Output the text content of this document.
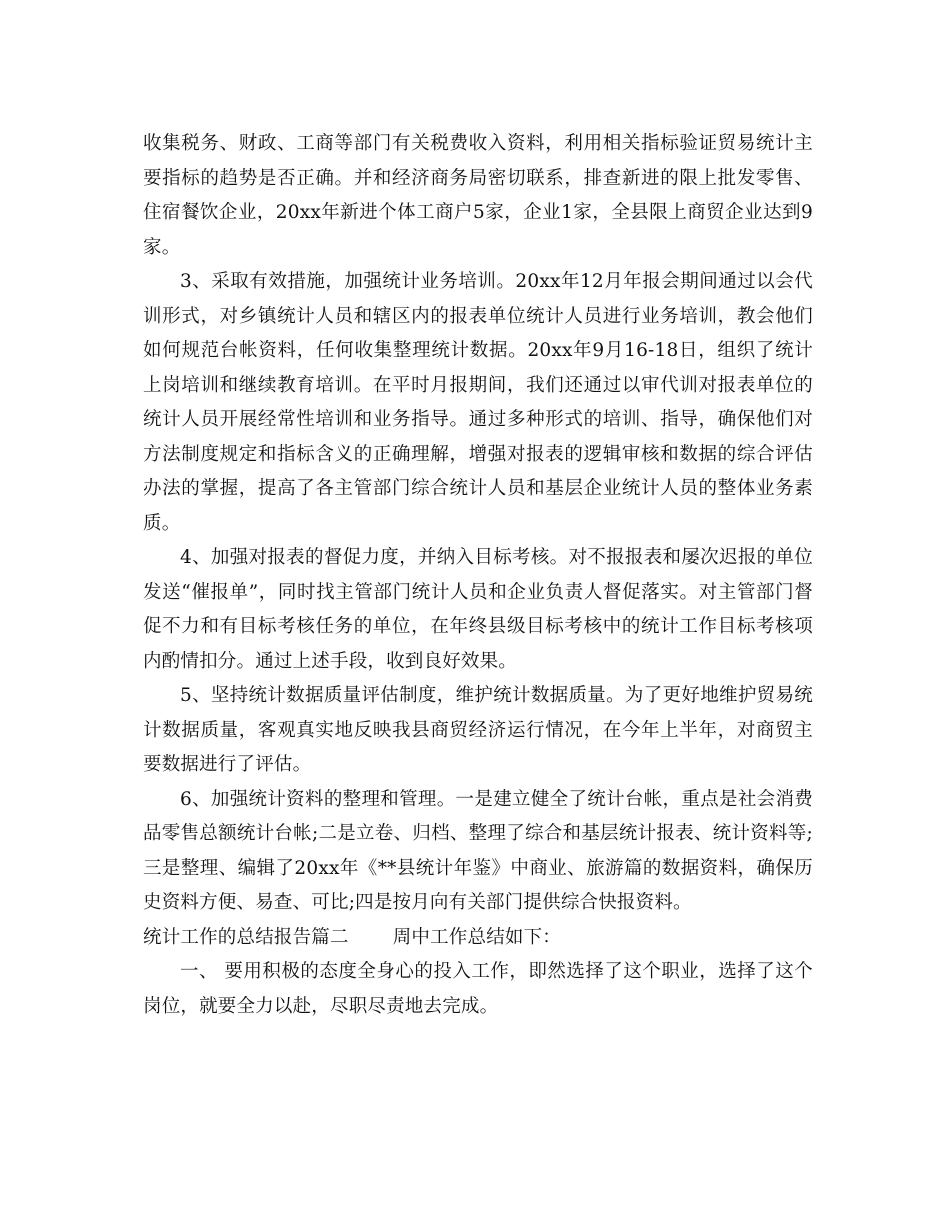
收集税务、财政、工商等部门有关税费收入资料，利用相关指标验证贸易统计主要指标的趋势是否正确。并和经济商务局密切联系，排查新进的限上批发零售、住宿餐饮企业，20xx年新进个体工商户5家，企业1家，全县限上商贸企业达到9家。

3、采取有效措施，加强统计业务培训。20xx年12月年报会期间通过以会代训形式，对乡镇统计人员和辖区内的报表单位统计人员进行业务培训，教会他们如何规范台帐资料，任何收集整理统计数据。20xx年9月16-18日，组织了统计上岗培训和继续教育培训。在平时月报期间，我们还通过以审代训对报表单位的统计人员开展经常性培训和业务指导。通过多种形式的培训、指导，确保他们对方法制度规定和指标含义的正确理解，增强对报表的逻辑审核和数据的综合评估办法的掌握，提高了各主管部门综合统计人员和基层企业统计人员的整体业务素质。

4、加强对报表的督促力度，并纳入目标考核。对不报报表和屡次迟报的单位发送“催报单”，同时找主管部门统计人员和企业负责人督促落实。对主管部门督促不力和有目标考核任务的单位，在年终县级目标考核中的统计工作目标考核项内酌情扣分。通过上述手段，收到良好效果。

5、坚持统计数据质量评估制度，维护统计数据质量。为了更好地维护贸易统计数据质量，客观真实地反映我县商贸经济运行情况，在今年上半年，对商贸主要数据进行了评估。

6、加强统计资料的整理和管理。一是建立健全了统计台帐，重点是社会消费品零售总额统计台帐;二是立卷、归档、整理了综合和基层统计报表、统计资料等;三是整理、编辑了20xx年《**县统计年鉴》中商业、旅游篇的数据资料，确保历史资料方便、易查、可比;四是按月向有关部门提供综合快报资料。

统计工作的总结报告篇二 周中工作总结如下：

一、 要用积极的态度全身心的投入工作，即然选择了这个职业，选择了这个岗位，就要全力以赴，尽职尽责地去完成。
